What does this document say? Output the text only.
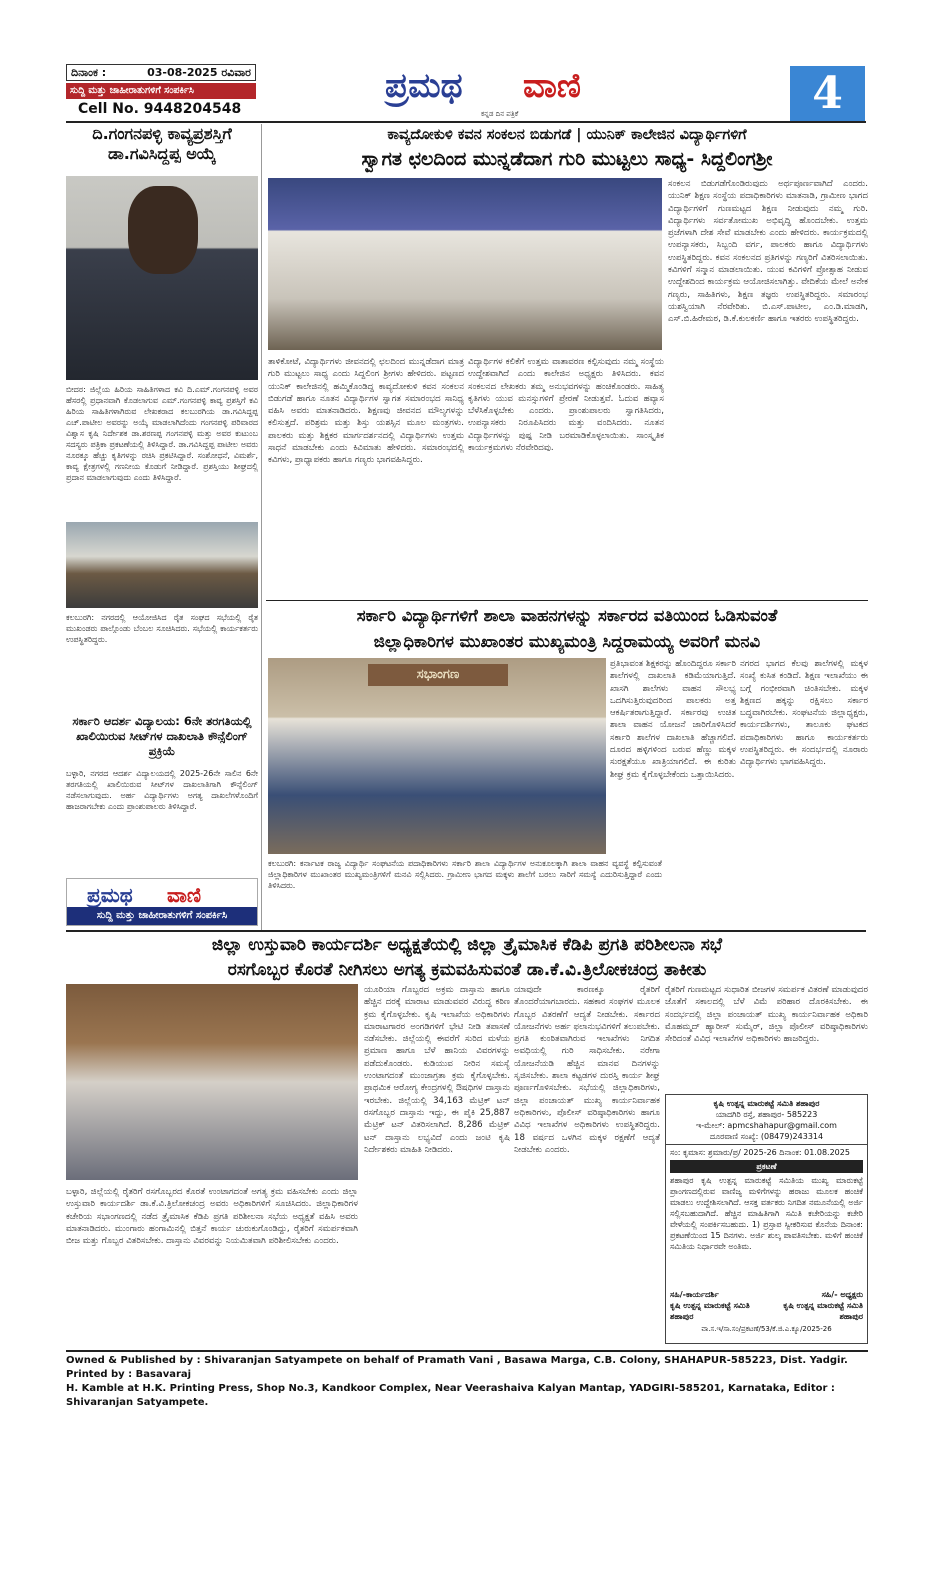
ದಿನಾಂಕ :	03-08-2025 ರವಿವಾರ
ಸುದ್ದಿ ಮತ್ತು ಜಾಹೀರಾತುಗಳಿಗೆ ಸಂಪರ್ಕಿಸಿ
Cell No. 9448204548
ಪ್ರಮಥ ವಾಣಿ
ಕನ್ನಡ ದಿನ ಪತ್ರಿಕೆ	4
ದಿ.ಗಂಗನಪಳ್ಳಿ ಕಾವ್ಯಪ್ರಶಸ್ತಿಗೆ ಡಾ.ಗವಿಸಿದ್ದಪ್ಪ ಅಯ್ಕೆ
ಬೀದರ: ಜಿಲ್ಲೆಯ ಹಿರಿಯ ಸಾಹಿತಿಗಳಾದ ಕವಿ ದಿ.ಎಮ್.ಗಂಗನಪಳ್ಳಿ ಅವರ ಹೆಸರಲ್ಲಿ ಪ್ರಧಾನವಾಗಿ ಕೊಡಲಾಗುವ ಎಮ್.ಗಂಗನಪಳ್ಳಿ ಕಾವ್ಯ ಪ್ರಶಸ್ತಿಗೆ ಕವಿ ಹಿರಿಯ ಸಾಹಿತಿಗಳಾಗಿರುವ ಲೇಖಕರಾದ ಕಲಬುರಗಿಯ ಡಾ.ಗವಿಸಿದ್ದಪ್ಪ ಎಚ್.ಪಾಟೀಲ ಅವರನ್ನು ಅಯ್ಕೆ ಮಾಡಲಾಗಿದೆಂದು ಗಂಗನಪಳ್ಳಿ ಪರಿವಾರದ ವಿಶ್ವಾಸ ಕೃಷಿ ನಿರ್ದೇಶಕ ಡಾ.ಶರಣಪ್ಪ ಗಂಗನಪಳ್ಳಿ ಮತ್ತು ಅವರ ಕುಟುಂಬ ಸದಸ್ಯರು ಪತ್ರಿಕಾ ಪ್ರಕಟಣೆಯಲ್ಲಿ ತಿಳಿಸಿದ್ದಾರೆ. ಡಾ.ಗವಿಸಿದ್ದಪ್ಪ ಪಾಟೀಲ ಅವರು ನೂರಕ್ಕೂ ಹೆಚ್ಚು ಕೃತಿಗಳನ್ನು ರಚಿಸಿ ಪ್ರಕಟಿಸಿದ್ದಾರೆ. ಸಂಶೋಧನೆ, ವಿಮರ್ಶೆ, ಕಾವ್ಯ ಕ್ಷೇತ್ರಗಳಲ್ಲಿ ಗಣನೀಯ ಕೊಡುಗೆ ನೀಡಿದ್ದಾರೆ. ಪ್ರಶಸ್ತಿಯು ಶೀಘ್ರದಲ್ಲಿ ಪ್ರದಾನ ಮಾಡಲಾಗುವುದು ಎಂದು ತಿಳಿಸಿದ್ದಾರೆ.
ಕಲಬುರಗಿ: ನಗರದಲ್ಲಿ ಆಯೋಜಿಸಿದ ರೈತ ಸಂಘದ ಸಭೆಯಲ್ಲಿ ರೈತ ಮುಖಂಡರು ಪಾಲ್ಗೊಂಡು ಬೆಂಬಲ ಸೂಚಿಸಿದರು. ಸಭೆಯಲ್ಲಿ ಕಾರ್ಯಕರ್ತರು ಉಪಸ್ಥಿತರಿದ್ದರು.
ಸರ್ಕಾರಿ ಆದರ್ಶ ವಿದ್ಯಾಲಯ: 6ನೇ ತರಗತಿಯಲ್ಲಿ ಖಾಲಿಯಿರುವ ಸೀಟ್‌ಗಳ ದಾಖಲಾತಿ ಕೌನ್ಸೆಲಿಂಗ್ ಪ್ರಕ್ರಿಯೆ
ಬಳ್ಳಾರಿ, ನಗರದ ಆದರ್ಶ ವಿದ್ಯಾಲಯದಲ್ಲಿ 2025-26ನೇ ಸಾಲಿನ 6ನೇ ತರಗತಿಯಲ್ಲಿ ಖಾಲಿಯಿರುವ ಸೀಟ್‌ಗಳ ದಾಖಲಾತಿಗಾಗಿ ಕೌನ್ಸೆಲಿಂಗ್ ನಡೆಸಲಾಗುವುದು. ಅರ್ಹ ವಿದ್ಯಾರ್ಥಿಗಳು ಅಗತ್ಯ ದಾಖಲೆಗಳೊಂದಿಗೆ ಹಾಜರಾಗಬೇಕು ಎಂದು ಪ್ರಾಂಶುಪಾಲರು ತಿಳಿಸಿದ್ದಾರೆ.
ಪ್ರಮಥ ವಾಣಿ
ಸುದ್ದಿ ಮತ್ತು ಜಾಹೀರಾತುಗಳಿಗೆ ಸಂಪರ್ಕಿಸಿ
ಕಾವ್ಯದೋಕುಳಿ ಕವನ ಸಂಕಲನ ಬಿಡುಗಡೆ | ಯುನಿಕ್ ಕಾಲೇಜಿನ ವಿದ್ಯಾರ್ಥಿಗಳಿಗೆ
ಸ್ವಾಗತ ಛಲದಿಂದ ಮುನ್ನಡೆದಾಗ ಗುರಿ ಮುಟ್ಟಲು ಸಾಧ್ಯ- ಸಿದ್ದಲಿಂಗಶ್ರೀ
ತಾಳಿಕೋಟೆ, ವಿದ್ಯಾರ್ಥಿಗಳು ಜೀವನದಲ್ಲಿ ಛಲದಿಂದ ಮುನ್ನಡೆದಾಗ ಮಾತ್ರ ಗುರಿ ಮುಟ್ಟಲು ಸಾಧ್ಯ ಎಂದು ಸಿದ್ದಲಿಂಗ ಶ್ರೀಗಳು ಹೇಳಿದರು. ಪಟ್ಟಣದ ಯುನಿಕ್ ಕಾಲೇಜಿನಲ್ಲಿ ಹಮ್ಮಿಕೊಂಡಿದ್ದ ಕಾವ್ಯದೋಕುಳಿ ಕವನ ಸಂಕಲನ ಬಿಡುಗಡೆ ಹಾಗೂ ನೂತನ ವಿದ್ಯಾರ್ಥಿಗಳ ಸ್ವಾಗತ ಸಮಾರಂಭದ ಸಾನಿಧ್ಯ ವಹಿಸಿ ಅವರು ಮಾತನಾಡಿದರು. ಶಿಕ್ಷಣವು ಜೀವನದ ಮೌಲ್ಯಗಳನ್ನು ಕಲಿಸುತ್ತದೆ. ಪರಿಶ್ರಮ ಮತ್ತು ಶಿಸ್ತು ಯಶಸ್ಸಿನ ಮೂಲ ಮಂತ್ರಗಳು. ಪಾಲಕರು ಮತ್ತು ಶಿಕ್ಷಕರ ಮಾರ್ಗದರ್ಶನದಲ್ಲಿ ವಿದ್ಯಾರ್ಥಿಗಳು ಉತ್ತಮ ಸಾಧನೆ ಮಾಡಬೇಕು ಎಂದು ಕಿವಿಮಾತು ಹೇಳಿದರು. ಸಮಾರಂಭದಲ್ಲಿ ಕವಿಗಳು, ಪ್ರಾಧ್ಯಾಪಕರು ಹಾಗೂ ಗಣ್ಯರು ಭಾಗವಹಿಸಿದ್ದರು.
ವಿದ್ಯಾರ್ಥಿಗಳ ಕಲಿಕೆಗೆ ಉತ್ತಮ ವಾತಾವರಣ ಕಲ್ಪಿಸುವುದು ನಮ್ಮ ಸಂಸ್ಥೆಯ ಉದ್ದೇಶವಾಗಿದೆ ಎಂದು ಕಾಲೇಜಿನ ಅಧ್ಯಕ್ಷರು ತಿಳಿಸಿದರು. ಕವನ ಸಂಕಲನದ ಲೇಖಕರು ತಮ್ಮ ಅನುಭವಗಳನ್ನು ಹಂಚಿಕೊಂಡರು. ಸಾಹಿತ್ಯ ಕೃತಿಗಳು ಯುವ ಮನಸ್ಸುಗಳಿಗೆ ಪ್ರೇರಣೆ ನೀಡುತ್ತವೆ. ಓದುವ ಹವ್ಯಾಸ ಬೆಳೆಸಿಕೊಳ್ಳಬೇಕು ಎಂದರು. ಪ್ರಾಂಶುಪಾಲರು ಸ್ವಾಗತಿಸಿದರು, ಉಪನ್ಯಾಸಕರು ನಿರೂಪಿಸಿದರು ಮತ್ತು ವಂದಿಸಿದರು. ನೂತನ ವಿದ್ಯಾರ್ಥಿಗಳನ್ನು ಪುಷ್ಪ ನೀಡಿ ಬರಮಾಡಿಕೊಳ್ಳಲಾಯಿತು. ಸಾಂಸ್ಕೃತಿಕ ಕಾರ್ಯಕ್ರಮಗಳು ನೆರವೇರಿದವು.
ಸಂಕಲನ ಬಿಡುಗಡೆಗೊಂಡಿರುವುದು ಅರ್ಥಪೂರ್ಣವಾಗಿದೆ ಎಂದರು. ಯುನಿಕ್ ಶಿಕ್ಷಣ ಸಂಸ್ಥೆಯ ಪದಾಧಿಕಾರಿಗಳು ಮಾತನಾಡಿ, ಗ್ರಾಮೀಣ ಭಾಗದ ವಿದ್ಯಾರ್ಥಿಗಳಿಗೆ ಗುಣಮಟ್ಟದ ಶಿಕ್ಷಣ ನೀಡುವುದು ನಮ್ಮ ಗುರಿ. ವಿದ್ಯಾರ್ಥಿಗಳು ಸರ್ವತೋಮುಖ ಅಭಿವೃದ್ಧಿ ಹೊಂದಬೇಕು. ಉತ್ತಮ ಪ್ರಜೆಗಳಾಗಿ ದೇಶ ಸೇವೆ ಮಾಡಬೇಕು ಎಂದು ಹೇಳಿದರು. ಕಾರ್ಯಕ್ರಮದಲ್ಲಿ ಉಪನ್ಯಾಸಕರು, ಸಿಬ್ಬಂದಿ ವರ್ಗ, ಪಾಲಕರು ಹಾಗೂ ವಿದ್ಯಾರ್ಥಿಗಳು ಉಪಸ್ಥಿತರಿದ್ದರು. ಕವನ ಸಂಕಲನದ ಪ್ರತಿಗಳನ್ನು ಗಣ್ಯರಿಗೆ ವಿತರಿಸಲಾಯಿತು. ಕವಿಗಳಿಗೆ ಸನ್ಮಾನ ಮಾಡಲಾಯಿತು. ಯುವ ಕವಿಗಳಿಗೆ ಪ್ರೋತ್ಸಾಹ ನೀಡುವ ಉದ್ದೇಶದಿಂದ ಕಾರ್ಯಕ್ರಮ ಆಯೋಜಿಸಲಾಗಿತ್ತು. ವೇದಿಕೆಯ ಮೇಲೆ ಅನೇಕ ಗಣ್ಯರು, ಸಾಹಿತಿಗಳು, ಶಿಕ್ಷಣ ತಜ್ಞರು ಉಪಸ್ಥಿತರಿದ್ದರು. ಸಮಾರಂಭ ಯಶಸ್ವಿಯಾಗಿ ನೆರವೇರಿತು. ಬಿ.ಎಸ್.ಪಾಟೀಲ, ಎಂ.ಡಿ.ಮಾಡಗಿ, ಎಸ್.ಬಿ.ಹಿರೇಮಠ, ಡಿ.ಕೆ.ಕುಲಕರ್ಣಿ ಹಾಗೂ ಇತರರು ಉಪಸ್ಥಿತರಿದ್ದರು.
ಸರ್ಕಾರಿ ವಿದ್ಯಾರ್ಥಿಗಳಿಗೆ ಶಾಲಾ ವಾಹನಗಳನ್ನು ಸರ್ಕಾರದ ವತಿಯಿಂದ ಓಡಿಸುವಂತೆ
ಜಿಲ್ಲಾಧಿಕಾರಿಗಳ ಮುಖಾಂತರ ಮುಖ್ಯಮಂತ್ರಿ ಸಿದ್ದರಾಮಯ್ಯ ಅವರಿಗೆ ಮನವಿ
ಸಭಾಂಗಣ
ಕಲಬುರಗಿ: ಕರ್ನಾಟಕ ರಾಜ್ಯ ವಿದ್ಯಾರ್ಥಿ ಸಂಘಟನೆಯ ಪದಾಧಿಕಾರಿಗಳು ಸರ್ಕಾರಿ ಶಾಲಾ ವಿದ್ಯಾರ್ಥಿಗಳ ಅನುಕೂಲಕ್ಕಾಗಿ ಶಾಲಾ ವಾಹನ ವ್ಯವಸ್ಥೆ ಕಲ್ಪಿಸುವಂತೆ ಜಿಲ್ಲಾಧಿಕಾರಿಗಳ ಮುಖಾಂತರ ಮುಖ್ಯಮಂತ್ರಿಗಳಿಗೆ ಮನವಿ ಸಲ್ಲಿಸಿದರು. ಗ್ರಾಮೀಣ ಭಾಗದ ಮಕ್ಕಳು ಶಾಲೆಗೆ ಬರಲು ಸಾರಿಗೆ ಸಮಸ್ಯೆ ಎದುರಿಸುತ್ತಿದ್ದಾರೆ ಎಂದು ತಿಳಿಸಿದರು.
ಪ್ರತಿಭಾವಂತ ಶಿಕ್ಷಕರನ್ನು ಹೊಂದಿದ್ದರೂ ಸರ್ಕಾರಿ ಶಾಲೆಗಳಲ್ಲಿ ದಾಖಲಾತಿ ಕಡಿಮೆಯಾಗುತ್ತಿದೆ. ಖಾಸಗಿ ಶಾಲೆಗಳು ವಾಹನ ಸೌಲಭ್ಯ ಒದಗಿಸುತ್ತಿರುವುದರಿಂದ ಪಾಲಕರು ಅತ್ತ ಆಕರ್ಷಿತರಾಗುತ್ತಿದ್ದಾರೆ. ಸರ್ಕಾರವು ಉಚಿತ ಶಾಲಾ ವಾಹನ ಯೋಜನೆ ಜಾರಿಗೊಳಿಸಿದರೆ ಸರ್ಕಾರಿ ಶಾಲೆಗಳ ದಾಖಲಾತಿ ಹೆಚ್ಚಾಗಲಿದೆ. ದೂರದ ಹಳ್ಳಿಗಳಿಂದ ಬರುವ ಹೆಣ್ಣು ಮಕ್ಕಳ ಸುರಕ್ಷತೆಯೂ ಖಾತ್ರಿಯಾಗಲಿದೆ. ಈ ಕುರಿತು ಶೀಘ್ರ ಕ್ರಮ ಕೈಗೊಳ್ಳಬೇಕೆಂದು ಒತ್ತಾಯಿಸಿದರು.
ನಗರದ ಭಾಗದ ಕೆಲವು ಶಾಲೆಗಳಲ್ಲಿ ಮಕ್ಕಳ ಸಂಖ್ಯೆ ಕುಸಿತ ಕಂಡಿದೆ. ಶಿಕ್ಷಣ ಇಲಾಖೆಯು ಈ ಬಗ್ಗೆ ಗಂಭೀರವಾಗಿ ಚಿಂತಿಸಬೇಕು. ಮಕ್ಕಳ ಶಿಕ್ಷಣದ ಹಕ್ಕನ್ನು ರಕ್ಷಿಸಲು ಸರ್ಕಾರ ಬದ್ಧವಾಗಿರಬೇಕು. ಸಂಘಟನೆಯ ಜಿಲ್ಲಾಧ್ಯಕ್ಷರು, ಕಾರ್ಯದರ್ಶಿಗಳು, ತಾಲೂಕು ಘಟಕದ ಪದಾಧಿಕಾರಿಗಳು ಹಾಗೂ ಕಾರ್ಯಕರ್ತರು ಉಪಸ್ಥಿತರಿದ್ದರು. ಈ ಸಂದರ್ಭದಲ್ಲಿ ನೂರಾರು ವಿದ್ಯಾರ್ಥಿಗಳು ಭಾಗವಹಿಸಿದ್ದರು.
ಜಿಲ್ಲಾ ಉಸ್ತುವಾರಿ ಕಾರ್ಯದರ್ಶಿ ಅಧ್ಯಕ್ಷತೆಯಲ್ಲಿ ಜಿಲ್ಲಾ ತ್ರೈಮಾಸಿಕ ಕೆಡಿಪಿ ಪ್ರಗತಿ ಪರಿಶೀಲನಾ ಸಭೆ
ರಸಗೊಬ್ಬರ ಕೊರತೆ ನೀಗಿಸಲು ಅಗತ್ಯ ಕ್ರಮವಹಿಸುವಂತೆ ಡಾ.ಕೆ.ವಿ.ತ್ರಿಲೋಕಚಂದ್ರ ತಾಕೀತು
ಬಳ್ಳಾರಿ, ಜಿಲ್ಲೆಯಲ್ಲಿ ರೈತರಿಗೆ ರಸಗೊಬ್ಬರದ ಕೊರತೆ ಉಂಟಾಗದಂತೆ ಅಗತ್ಯ ಕ್ರಮ ವಹಿಸಬೇಕು ಎಂದು ಜಿಲ್ಲಾ ಉಸ್ತುವಾರಿ ಕಾರ್ಯದರ್ಶಿ ಡಾ.ಕೆ.ವಿ.ತ್ರಿಲೋಕಚಂದ್ರ ಅವರು ಅಧಿಕಾರಿಗಳಿಗೆ ಸೂಚಿಸಿದರು. ಜಿಲ್ಲಾಧಿಕಾರಿಗಳ ಕಚೇರಿಯ ಸಭಾಂಗಣದಲ್ಲಿ ನಡೆದ ತ್ರೈಮಾಸಿಕ ಕೆಡಿಪಿ ಪ್ರಗತಿ ಪರಿಶೀಲನಾ ಸಭೆಯ ಅಧ್ಯಕ್ಷತೆ ವಹಿಸಿ ಅವರು ಮಾತನಾಡಿದರು. ಮುಂಗಾರು ಹಂಗಾಮಿನಲ್ಲಿ ಬಿತ್ತನೆ ಕಾರ್ಯ ಚುರುಕುಗೊಂಡಿದ್ದು, ರೈತರಿಗೆ ಸಮರ್ಪಕವಾಗಿ ಬೀಜ ಮತ್ತು ಗೊಬ್ಬರ ವಿತರಿಸಬೇಕು. ದಾಸ್ತಾನು ವಿವರವನ್ನು ನಿಯಮಿತವಾಗಿ ಪರಿಶೀಲಿಸಬೇಕು ಎಂದರು.
ಯೂರಿಯಾ ಗೊಬ್ಬರದ ಅಕ್ರಮ ದಾಸ್ತಾನು ಹಾಗೂ ಹೆಚ್ಚಿನ ದರಕ್ಕೆ ಮಾರಾಟ ಮಾಡುವವರ ವಿರುದ್ಧ ಕಠಿಣ ಕ್ರಮ ಕೈಗೊಳ್ಳಬೇಕು. ಕೃಷಿ ಇಲಾಖೆಯ ಅಧಿಕಾರಿಗಳು ಮಾರಾಟಗಾರರ ಅಂಗಡಿಗಳಿಗೆ ಭೇಟಿ ನೀಡಿ ತಪಾಸಣೆ ನಡೆಸಬೇಕು. ಜಿಲ್ಲೆಯಲ್ಲಿ ಈವರೆಗೆ ಸುರಿದ ಮಳೆಯ ಪ್ರಮಾಣ ಹಾಗೂ ಬೆಳೆ ಹಾನಿಯ ವಿವರಗಳನ್ನು ಪಡೆದುಕೊಂಡರು. ಕುಡಿಯುವ ನೀರಿನ ಸಮಸ್ಯೆ ಉಂಟಾಗದಂತೆ ಮುಂಜಾಗ್ರತಾ ಕ್ರಮ ಕೈಗೊಳ್ಳಬೇಕು. ಪ್ರಾಥಮಿಕ ಆರೋಗ್ಯ ಕೇಂದ್ರಗಳಲ್ಲಿ ಔಷಧಿಗಳ ದಾಸ್ತಾನು ಇರಬೇಕು. ಜಿಲ್ಲೆಯಲ್ಲಿ 34,163 ಮೆಟ್ರಿಕ್ ಟನ್ ರಸಗೊಬ್ಬರ ದಾಸ್ತಾನು ಇದ್ದು, ಈ ಪೈಕಿ 25,887 ಮೆಟ್ರಿಕ್ ಟನ್ ವಿತರಿಸಲಾಗಿದೆ. 8,286 ಮೆಟ್ರಿಕ್ ಟನ್ ದಾಸ್ತಾನು ಲಭ್ಯವಿದೆ ಎಂದು ಜಂಟಿ ಕೃಷಿ ನಿರ್ದೇಶಕರು ಮಾಹಿತಿ ನೀಡಿದರು.
ಯಾವುದೇ ಕಾರಣಕ್ಕೂ ರೈತರಿಗೆ ತೊಂದರೆಯಾಗಬಾರದು. ಸಹಕಾರ ಸಂಘಗಳ ಮೂಲಕ ಗೊಬ್ಬರ ವಿತರಣೆಗೆ ಆದ್ಯತೆ ನೀಡಬೇಕು. ಸರ್ಕಾರದ ಯೋಜನೆಗಳು ಅರ್ಹ ಫಲಾನುಭವಿಗಳಿಗೆ ತಲುಪಬೇಕು. ಪ್ರಗತಿ ಕುಂಠಿತವಾಗಿರುವ ಇಲಾಖೆಗಳು ನಿಗದಿತ ಅವಧಿಯಲ್ಲಿ ಗುರಿ ಸಾಧಿಸಬೇಕು. ನರೇಗಾ ಯೋಜನೆಯಡಿ ಹೆಚ್ಚಿನ ಮಾನವ ದಿನಗಳನ್ನು ಸೃಜಿಸಬೇಕು. ಶಾಲಾ ಕಟ್ಟಡಗಳ ದುರಸ್ತಿ ಕಾರ್ಯ ಶೀಘ್ರ ಪೂರ್ಣಗೊಳಿಸಬೇಕು. ಸಭೆಯಲ್ಲಿ ಜಿಲ್ಲಾಧಿಕಾರಿಗಳು, ಜಿಲ್ಲಾ ಪಂಚಾಯತ್ ಮುಖ್ಯ ಕಾರ್ಯನಿರ್ವಾಹಕ ಅಧಿಕಾರಿಗಳು, ಪೊಲೀಸ್ ವರಿಷ್ಠಾಧಿಕಾರಿಗಳು ಹಾಗೂ ವಿವಿಧ ಇಲಾಖೆಗಳ ಅಧಿಕಾರಿಗಳು ಉಪಸ್ಥಿತರಿದ್ದರು. 18 ವರ್ಷದ ಒಳಗಿನ ಮಕ್ಕಳ ರಕ್ಷಣೆಗೆ ಆದ್ಯತೆ ನೀಡಬೇಕು ಎಂದರು.
ರೈತರಿಗೆ ಗುಣಮಟ್ಟದ ಸುಧಾರಿತ ಬೀಜಗಳ ಸಮರ್ಪಕ ವಿತರಣೆ ಮಾಡುವುದರ ಜೊತೆಗೆ ಸಕಾಲದಲ್ಲಿ ಬೆಳೆ ವಿಮೆ ಪರಿಹಾರ ದೊರಕಿಸಬೇಕು. ಈ ಸಂದರ್ಭದಲ್ಲಿ ಜಿಲ್ಲಾ ಪಂಚಾಯತ್ ಮುಖ್ಯ ಕಾರ್ಯನಿರ್ವಾಹಕ ಅಧಿಕಾರಿ ಮೊಹಮ್ಮದ್ ಹ್ಯಾರೀಸ್ ಸುಮೈರ್, ಜಿಲ್ಲಾ ಪೊಲೀಸ್ ವರಿಷ್ಠಾಧಿಕಾರಿಗಳು ಸೇರಿದಂತೆ ವಿವಿಧ ಇಲಾಖೆಗಳ ಅಧಿಕಾರಿಗಳು ಹಾಜರಿದ್ದರು.
ಕೃಷಿ ಉತ್ಪನ್ನ ಮಾರುಕಟ್ಟೆ ಸಮಿತಿ ಶಹಾಪುರ
ಯಾದಗಿರಿ ರಸ್ತೆ, ಶಹಾಪುರ- 585223
ಇ-ಮೇಲ್: apmcshahapur@gmail.com
ದೂರವಾಣಿ ಸಂಖ್ಯೆ: (08479)243314
ಸಂ: ಕೃಮಾಸ: ಶ್ರಮಾರು/ಪ್ರ/ 2025-26 ದಿನಾಂಕ: 01.08.2025
ಪ್ರಕಟಣೆ
ಶಹಾಪುರ ಕೃಷಿ ಉತ್ಪನ್ನ ಮಾರುಕಟ್ಟೆ ಸಮಿತಿಯ ಮುಖ್ಯ ಮಾರುಕಟ್ಟೆ ಪ್ರಾಂಗಣದಲ್ಲಿರುವ ವಾಣಿಜ್ಯ ಮಳಿಗೆಗಳನ್ನು ಹರಾಜು ಮೂಲಕ ಹಂಚಿಕೆ ಮಾಡಲು ಉದ್ದೇಶಿಸಲಾಗಿದೆ. ಆಸಕ್ತ ವರ್ತಕರು ನಿಗದಿತ ನಮೂನೆಯಲ್ಲಿ ಅರ್ಜಿ ಸಲ್ಲಿಸಬಹುದಾಗಿದೆ. ಹೆಚ್ಚಿನ ಮಾಹಿತಿಗಾಗಿ ಸಮಿತಿ ಕಚೇರಿಯನ್ನು ಕಚೇರಿ ವೇಳೆಯಲ್ಲಿ ಸಂಪರ್ಕಿಸಬಹುದು. 1) ಪ್ರಸ್ತಾಪ ಸ್ವೀಕರಿಸುವ ಕೊನೆಯ ದಿನಾಂಕ: ಪ್ರಕಟಣೆಯಿಂದ 15 ದಿನಗಳು. ಅರ್ಜಿ ಶುಲ್ಕ ಪಾವತಿಸಬೇಕು. ಮಳಿಗೆ ಹಂಚಿಕೆ ಸಮಿತಿಯ ನಿರ್ಧಾರವೇ ಅಂತಿಮ.
ಸಹಿ/-ಕಾರ್ಯದರ್ಶಿ
ಕೃಷಿ ಉತ್ಪನ್ನ ಮಾರುಕಟ್ಟೆ ಸಮಿತಿ ಶಹಾಪುರ
ಸಹಿ/- ಅಧ್ಯಕ್ಷರು
ಕೃಷಿ ಉತ್ಪನ್ನ ಮಾರುಕಟ್ಟೆ ಸಮಿತಿ ಶಹಾಪುರ
ವಾ.ಸ.ಇ/ಸಾ.ಸಂ/ಪ್ರಕಟಣೆ/53/ಕೆ.ಜಿ.ಎ.ಕ್ಯೂ/2025-26
Owned & Published by : Shivaranjan Satyampete on behalf of Pramath Vani , Basawa Marga, C.B. Colony, SHAHAPUR-585223, Dist. Yadgir. Printed by : Basavaraj
H. Kamble at H.K. Printing Press, Shop No.3, Kandkoor Complex, Near Veerashaiva Kalyan Mantap, YADGIRI-585201, Karnataka, Editor : Shivaranjan Satyampete.
